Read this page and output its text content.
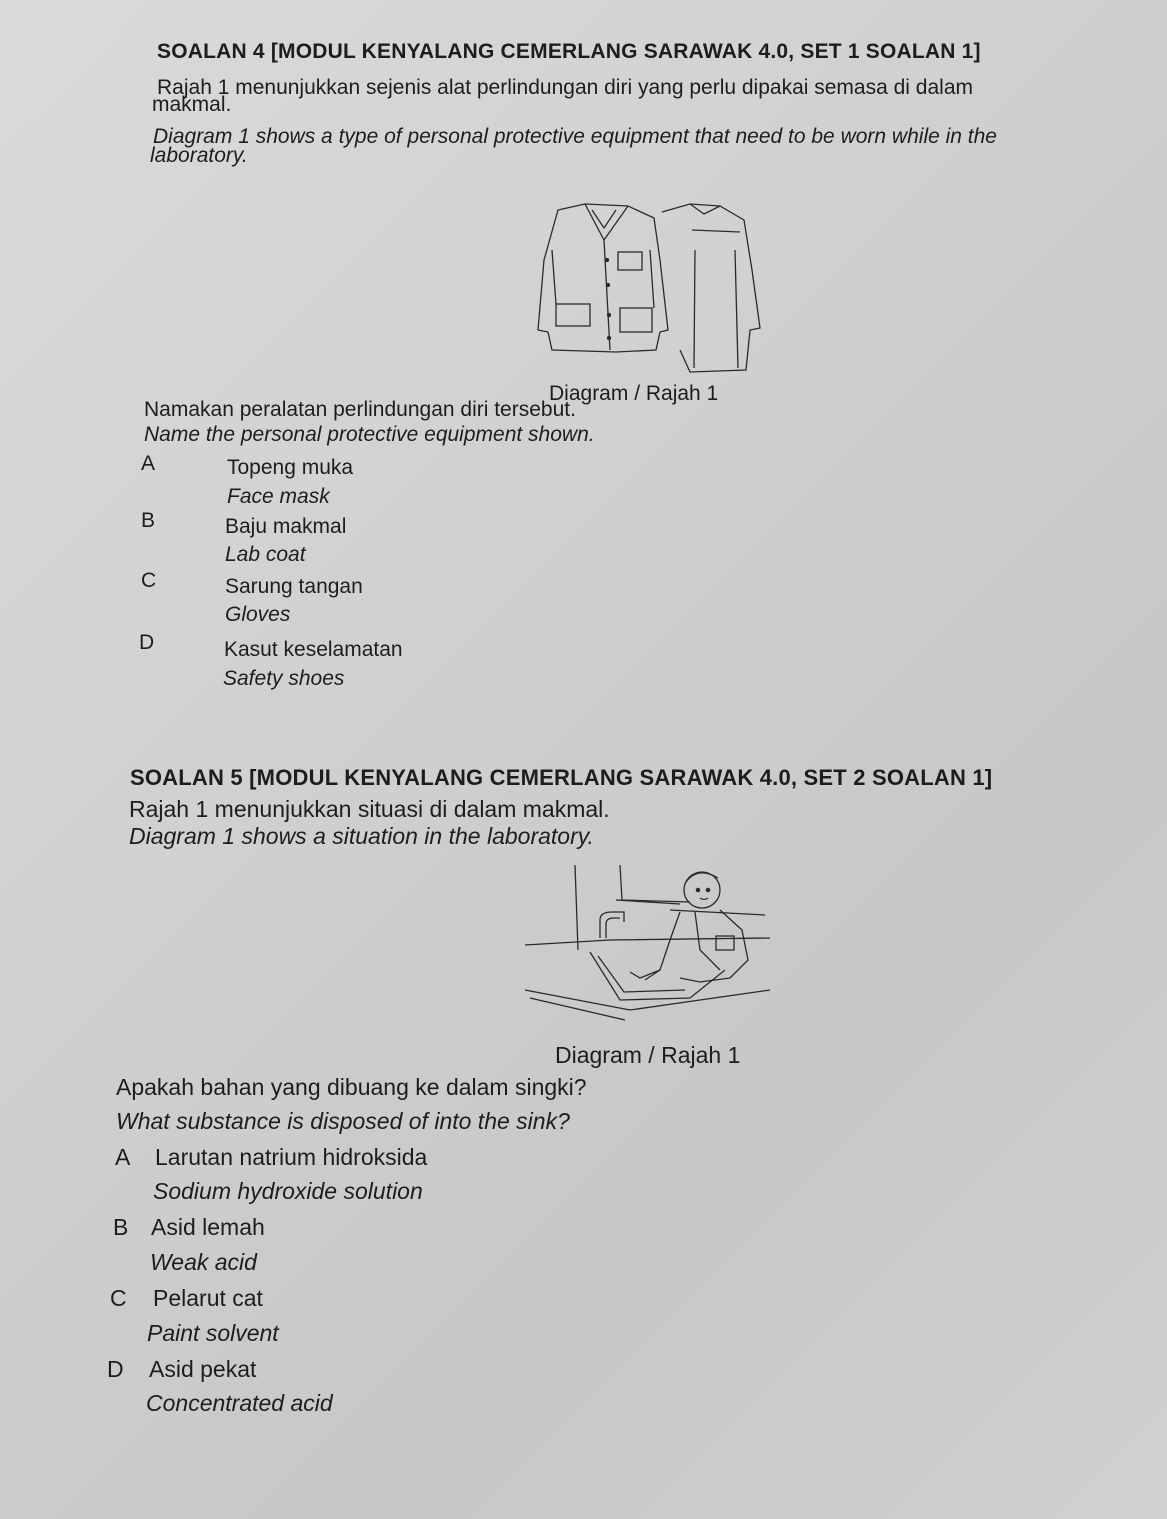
SOALAN 4 [MODUL KENYALANG CEMERLANG SARAWAK 4.0, SET 1 SOALAN 1]
Rajah 1 menunjukkan sejenis alat perlindungan diri yang perlu dipakai semasa di dalam
makmal.
Diagram 1 shows a type of personal protective equipment that need to be worn while in the
laboratory.
Diagram / Rajah 1
Namakan peralatan perlindungan diri tersebut.
Name the personal protective equipment shown.
A	Topeng muka
Face mask
B	Baju makmal
Lab coat
C	Sarung tangan
Gloves
D	Kasut keselamatan
Safety shoes
SOALAN 5 [MODUL KENYALANG CEMERLANG SARAWAK 4.0, SET 2 SOALAN 1]
Rajah 1 menunjukkan situasi di dalam makmal.
Diagram 1 shows a situation in the laboratory.
Diagram / Rajah 1
Apakah bahan yang dibuang ke dalam singki?
What substance is disposed of into the sink?
A Larutan natrium hidroksida
Sodium hydroxide solution
B Asid lemah
Weak acid
C Pelarut cat
Paint solvent
D Asid pekat
Concentrated acid
